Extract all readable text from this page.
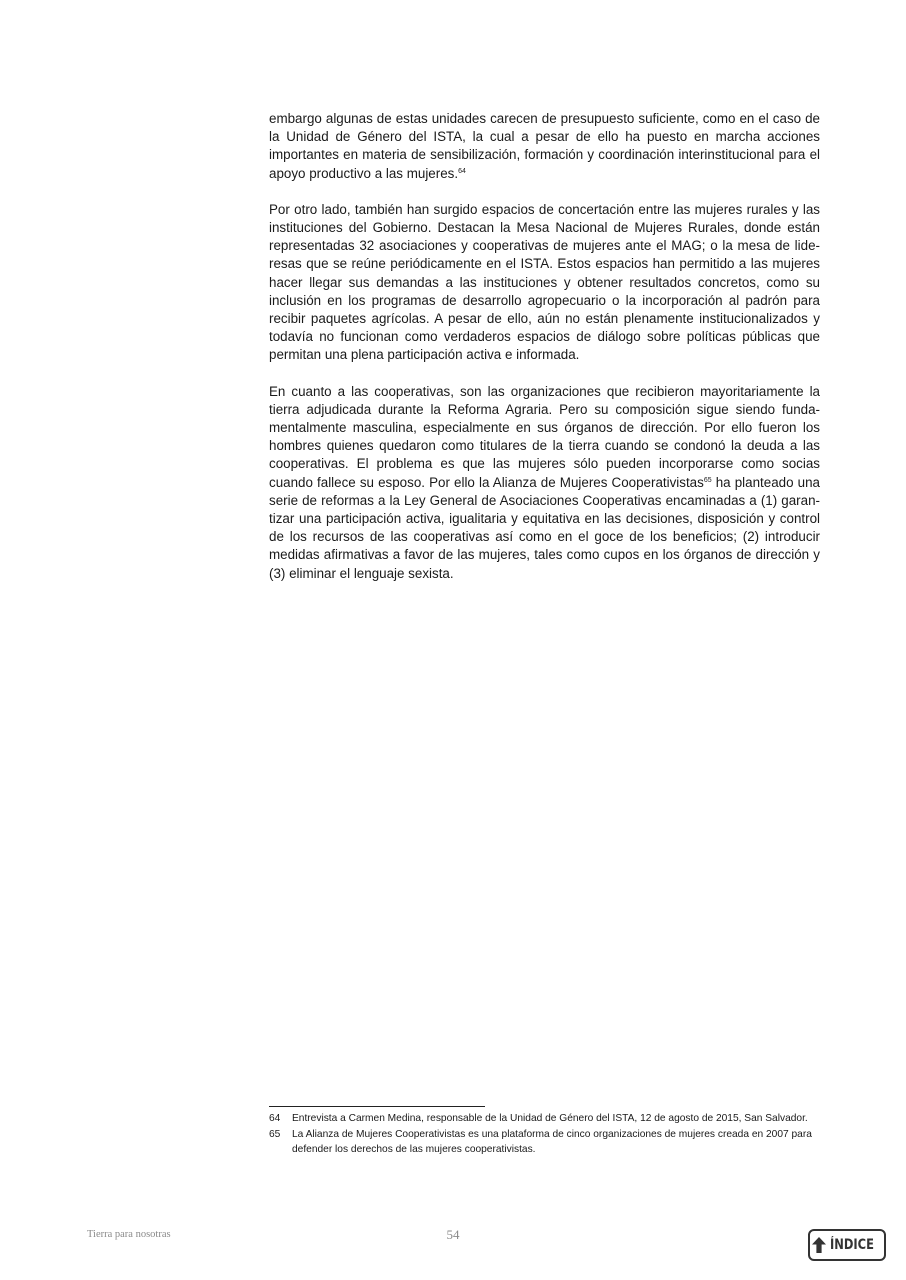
embargo algunas de estas unidades carecen de presupuesto suficiente, como en el caso de la Unidad de Género del ISTA, la cual a pesar de ello ha puesto en marcha acciones importantes en materia de sensibilización, formación y coordinación interinstitucional para el apoyo productivo a las mujeres.$^{64}$

Por otro lado, también han surgido espacios de concertación entre las mujeres rurales y las instituciones del Gobierno. Destacan la Mesa Nacional de Mujeres Rurales, donde están representadas 32 asociaciones y cooperativas de mujeres ante el MAG; o la mesa de lideresas que se reúne periódicamente en el ISTA. Estos espacios han permitido a las mujeres hacer llegar sus demandas a las instituciones y obtener resultados concretos, como su inclusión en los programas de desarrollo agropecuario o la incorporación al padrón para recibir paquetes agrícolas. A pesar de ello, aún no están plenamente institucionalizados y todavía no funcionan como verdaderos espacios de diálogo sobre políticas públicas que permitan una plena participación activa e informada.

En cuanto a las cooperativas, son las organizaciones que recibieron mayoritariamente la tierra adjudicada durante la Reforma Agraria. Pero su composición sigue siendo fundamentalmente masculina, especialmente en sus órganos de dirección. Por ello fueron los hombres quienes quedaron como titulares de la tierra cuando se condonó la deuda a las cooperativas. El problema es que las mujeres sólo pueden incorporarse como socias cuando fallece su esposo. Por ello la Alianza de Mujeres Cooperativistas$^{65}$ ha planteado una serie de reformas a la Ley General de Asociaciones Cooperativas encaminadas a (1) garantizar una participación activa, igualitaria y equitativa en las decisiones, disposición y control de los recursos de las cooperativas así como en el goce de los beneficios; (2) introducir medidas afirmativas a favor de las mujeres, tales como cupos en los órganos de dirección y (3) eliminar el lenguaje sexista.

64	Entrevista a Carmen Medina, responsable de la Unidad de Género del ISTA, 12 de agosto de 2015, San Salvador.
65	La Alianza de Mujeres Cooperativistas es una plataforma de cinco organizaciones de mujeres creada en 2007 para defender los derechos de las mujeres cooperativistas.
Tierra para nosotras	54
ÍNDICE
